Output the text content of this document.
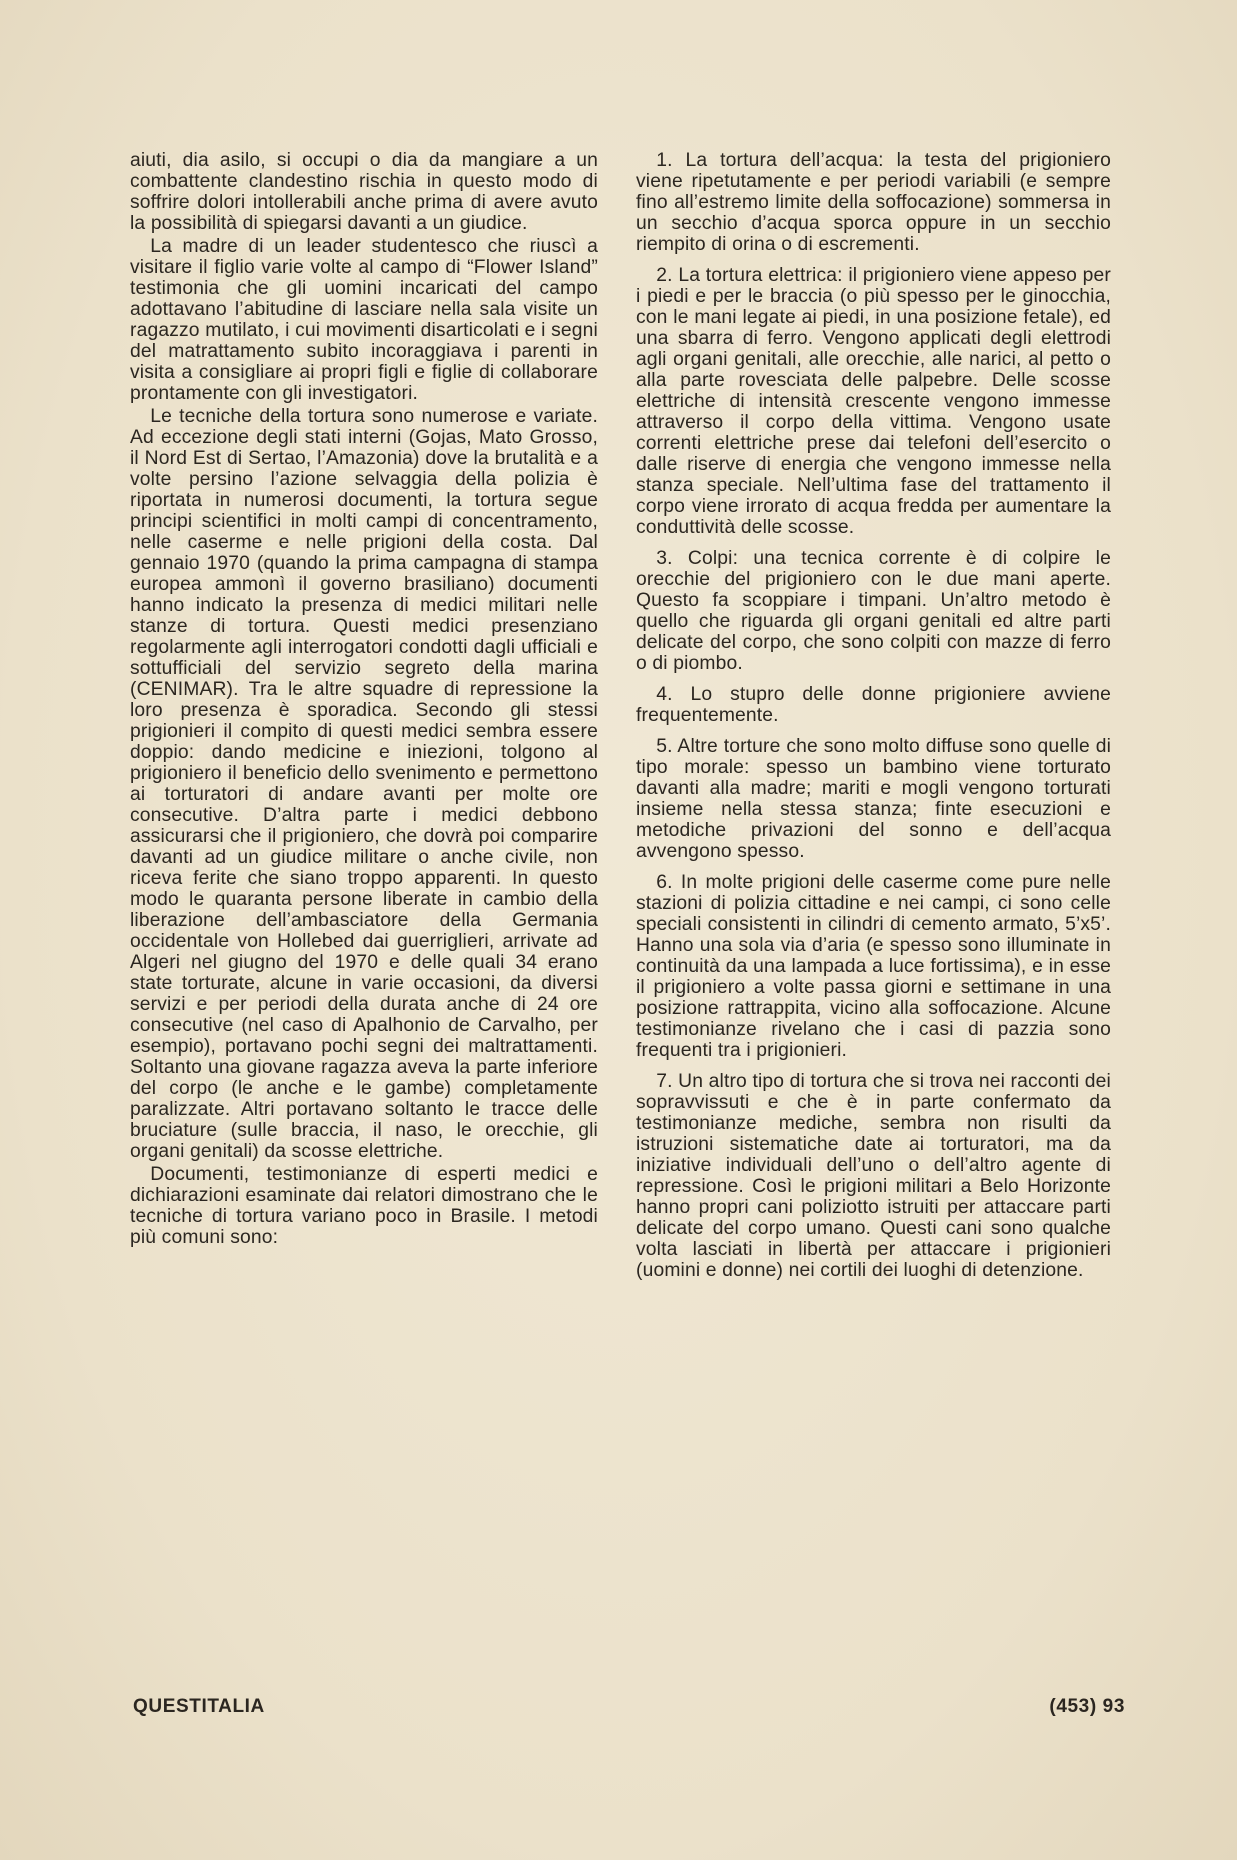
aiuti, dia asilo, si occupi o dia da mangiare a un combattente clandestino rischia in questo modo di soffrire dolori intollerabili anche prima di avere avuto la possibilità di spiegarsi davanti a un giudice.

La madre di un leader studentesco che riuscì a visitare il figlio varie volte al campo di “Flower Island” testimonia che gli uomini incaricati del campo adottavano l’abitudine di lasciare nella sala visite un ragazzo mutilato, i cui movimenti disarticolati e i segni del matrattamento subito incoraggiava i parenti in visita a consigliare ai propri figli e figlie di collaborare prontamente con gli investigatori.

Le tecniche della tortura sono numerose e variate. Ad eccezione degli stati interni (Gojas, Mato Grosso, il Nord Est di Sertao, l’Amazonia) dove la brutalità e a volte persino l’azione selvaggia della polizia è riportata in numerosi documenti, la tortura segue principi scientifici in molti campi di concentramento, nelle caserme e nelle prigioni della costa. Dal gennaio 1970 (quando la prima campagna di stampa europea ammonì il governo brasiliano) documenti hanno indicato la presenza di medici militari nelle stanze di tortura. Questi medici presenziano regolarmente agli interrogatori condotti dagli ufficiali e sottufficiali del servizio segreto della marina (CENIMAR). Tra le altre squadre di repressione la loro presenza è sporadica. Secondo gli stessi prigionieri il compito di questi medici sembra essere doppio: dando medicine e iniezioni, tolgono al prigioniero il beneficio dello svenimento e permettono ai torturatori di andare avanti per molte ore consecutive. D’altra parte i medici debbono assicurarsi che il prigioniero, che dovrà poi comparire davanti ad un giudice militare o anche civile, non riceva ferite che siano troppo apparenti. In questo modo le quaranta persone liberate in cambio della liberazione dell’ambasciatore della Germania occidentale von Hollebed dai guerriglieri, arrivate ad Algeri nel giugno del 1970 e delle quali 34 erano state torturate, alcune in varie occasioni, da diversi servizi e per periodi della durata anche di 24 ore consecutive (nel caso di Apalhonio de Carvalho, per esempio), portavano pochi segni dei maltrattamenti. Soltanto una giovane ragazza aveva la parte inferiore del corpo (le anche e le gambe) completamente paralizzate. Altri portavano soltanto le tracce delle bruciature (sulle braccia, il naso, le orecchie, gli organi genitali) da scosse elettriche.

Documenti, testimonianze di esperti medici e dichiarazioni esaminate dai relatori dimostrano che le tecniche di tortura variano poco in Brasile. I metodi più comuni sono:

1. La tortura dell’acqua: la testa del prigioniero viene ripetutamente e per periodi variabili (e sempre fino all’estremo limite della soffocazione) sommersa in un secchio d’acqua sporca oppure in un secchio riempito di orina o di escrementi.

2. La tortura elettrica: il prigioniero viene appeso per i piedi e per le braccia (o più spesso per le ginocchia, con le mani legate ai piedi, in una posizione fetale), ed una sbarra di ferro. Vengono applicati degli elettrodi agli organi genitali, alle orecchie, alle narici, al petto o alla parte rovesciata delle palpebre. Delle scosse elettriche di intensità crescente vengono immesse attraverso il corpo della vittima. Vengono usate correnti elettriche prese dai telefoni dell’esercito o dalle riserve di energia che vengono immesse nella stanza speciale. Nell’ultima fase del trattamento il corpo viene irrorato di acqua fredda per aumentare la conduttività delle scosse.

3. Colpi: una tecnica corrente è di colpire le orecchie del prigioniero con le due mani aperte. Questo fa scoppiare i timpani. Un’altro metodo è quello che riguarda gli organi genitali ed altre parti delicate del corpo, che sono colpiti con mazze di ferro o di piombo.

4. Lo stupro delle donne prigioniere avviene frequentemente.

5. Altre torture che sono molto diffuse sono quelle di tipo morale: spesso un bambino viene torturato davanti alla madre; mariti e mogli vengono torturati insieme nella stessa stanza; finte esecuzioni e metodiche privazioni del sonno e dell’acqua avvengono spesso.

6. In molte prigioni delle caserme come pure nelle stazioni di polizia cittadine e nei campi, ci sono celle speciali consistenti in cilindri di cemento armato, 5’x5’. Hanno una sola via d’aria (e spesso sono illuminate in continuità da una lampada a luce fortissima), e in esse il prigioniero a volte passa giorni e settimane in una posizione rattrappita, vicino alla soffocazione. Alcune testimonianze rivelano che i casi di pazzia sono frequenti tra i prigionieri.

7. Un altro tipo di tortura che si trova nei racconti dei sopravvissuti e che è in parte confermato da testimonianze mediche, sembra non risulti da istruzioni sistematiche date ai torturatori, ma da iniziative individuali dell’uno o dell’altro agente di repressione. Così le prigioni militari a Belo Horizonte hanno propri cani poliziotto istruiti per attaccare parti delicate del corpo umano. Questi cani sono qualche volta lasciati in libertà per attaccare i prigionieri (uomini e donne) nei cortili dei luoghi di detenzione.

QUESTITALIA	(453) 93
